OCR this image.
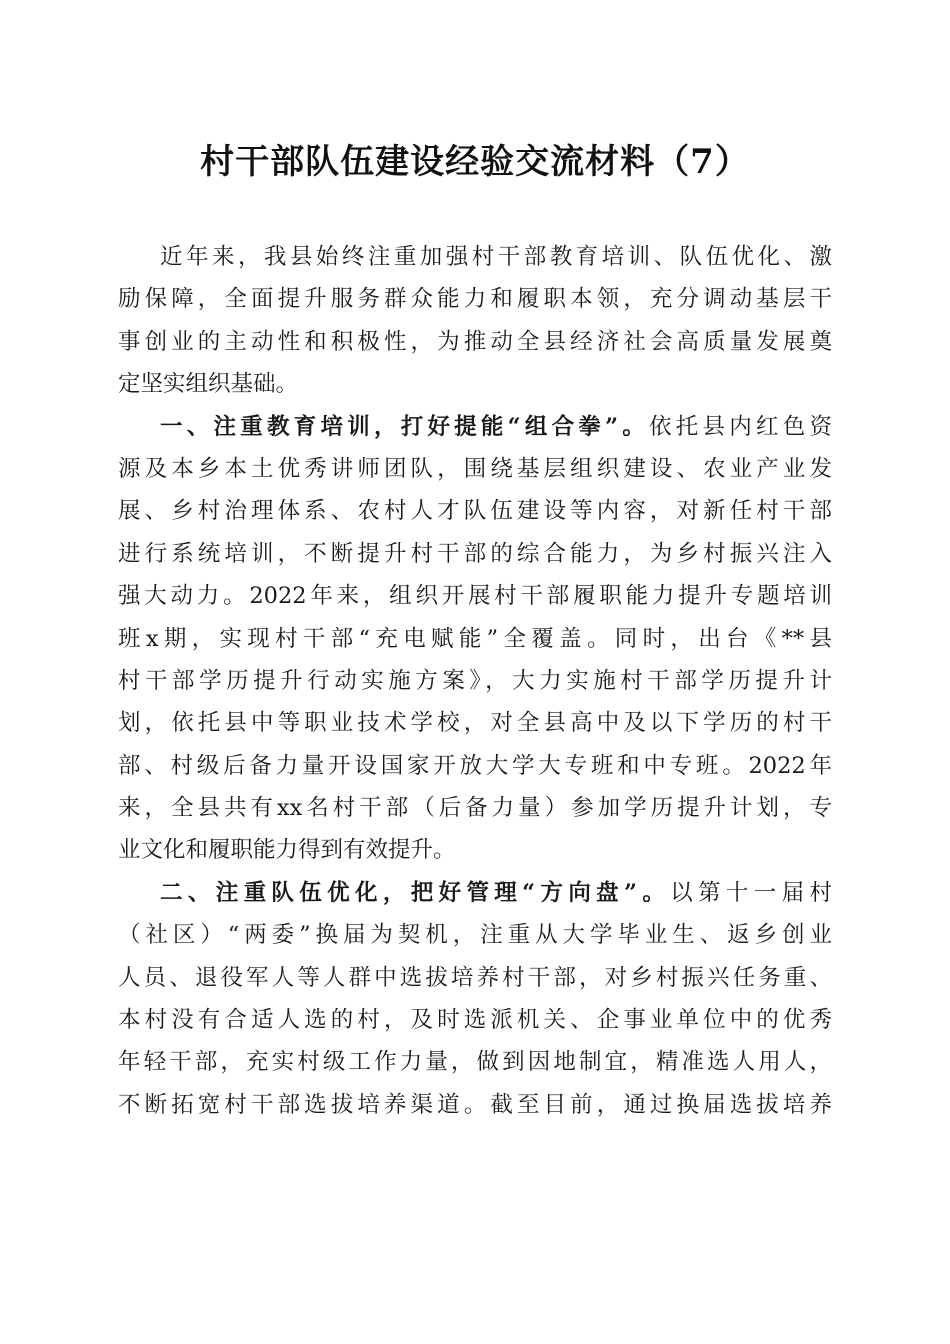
村干部队伍建设经验交流材料（7）
近年来，我县始终注重加强村干部教育培训、队伍优化、激
励保障，全面提升服务群众能力和履职本领，充分调动基层干
事创业的主动性和积极性，为推动全县经济社会高质量发展奠
定坚实组织基础。
一、注重教育培训，打好提能“组合拳”。依托县内红色资
源及本乡本土优秀讲师团队，围绕基层组织建设、农业产业发
展、乡村治理体系、农村人才队伍建设等内容，对新任村干部
进行系统培训，不断提升村干部的综合能力，为乡村振兴注入
强大动力。2022年来，组织开展村干部履职能力提升专题培训
班x期，实现村干部“充电赋能”全覆盖。同时，出台《**县
村干部学历提升行动实施方案》，大力实施村干部学历提升计
划，依托县中等职业技术学校，对全县高中及以下学历的村干
部、村级后备力量开设国家开放大学大专班和中专班。2022年
来，全县共有xx名村干部（后备力量）参加学历提升计划，专
业文化和履职能力得到有效提升。
二、注重队伍优化，把好管理“方向盘”。以第十一届村
（社区）“两委”换届为契机，注重从大学毕业生、返乡创业
人员、退役军人等人群中选拔培养村干部，对乡村振兴任务重、
本村没有合适人选的村，及时选派机关、企事业单位中的优秀
年轻干部，充实村级工作力量，做到因地制宜，精准选人用人，
不断拓宽村干部选拔培养渠道。截至目前，通过换届选拔培养
